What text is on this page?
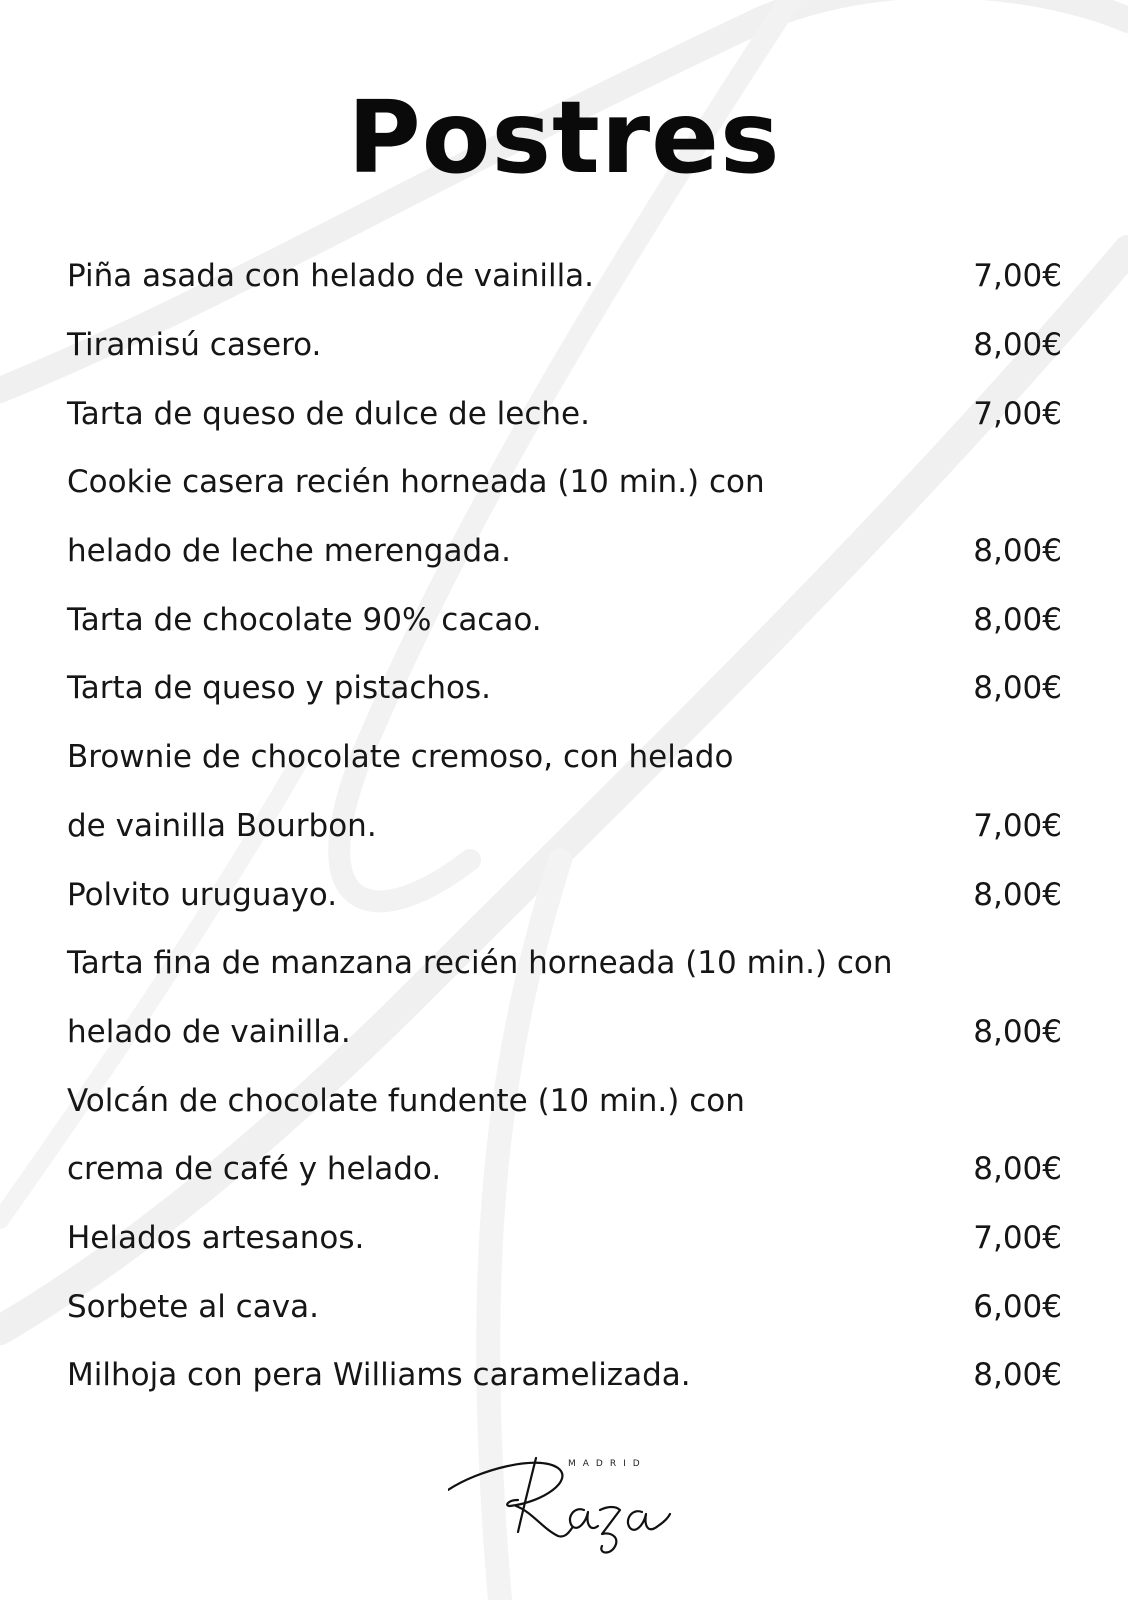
Postres
Piña asada con helado de vainilla.	7,00€
Tiramisú casero.	8,00€
Tarta de queso de dulce de leche.	7,00€
Cookie casera recién horneada (10 min.) con
helado de leche merengada.	8,00€
Tarta de chocolate 90% cacao.	8,00€
Tarta de queso y pistachos.	8,00€
Brownie de chocolate cremoso, con helado
de vainilla Bourbon.	7,00€
Polvito uruguayo.	8,00€
Tarta fina de manzana recién horneada (10 min.) con
helado de vainilla.	8,00€
Volcán de chocolate fundente (10 min.) con
crema de café y helado.	8,00€
Helados artesanos.	7,00€
Sorbete al cava.	6,00€
Milhoja con pera Williams caramelizada.	8,00€
MADRID
